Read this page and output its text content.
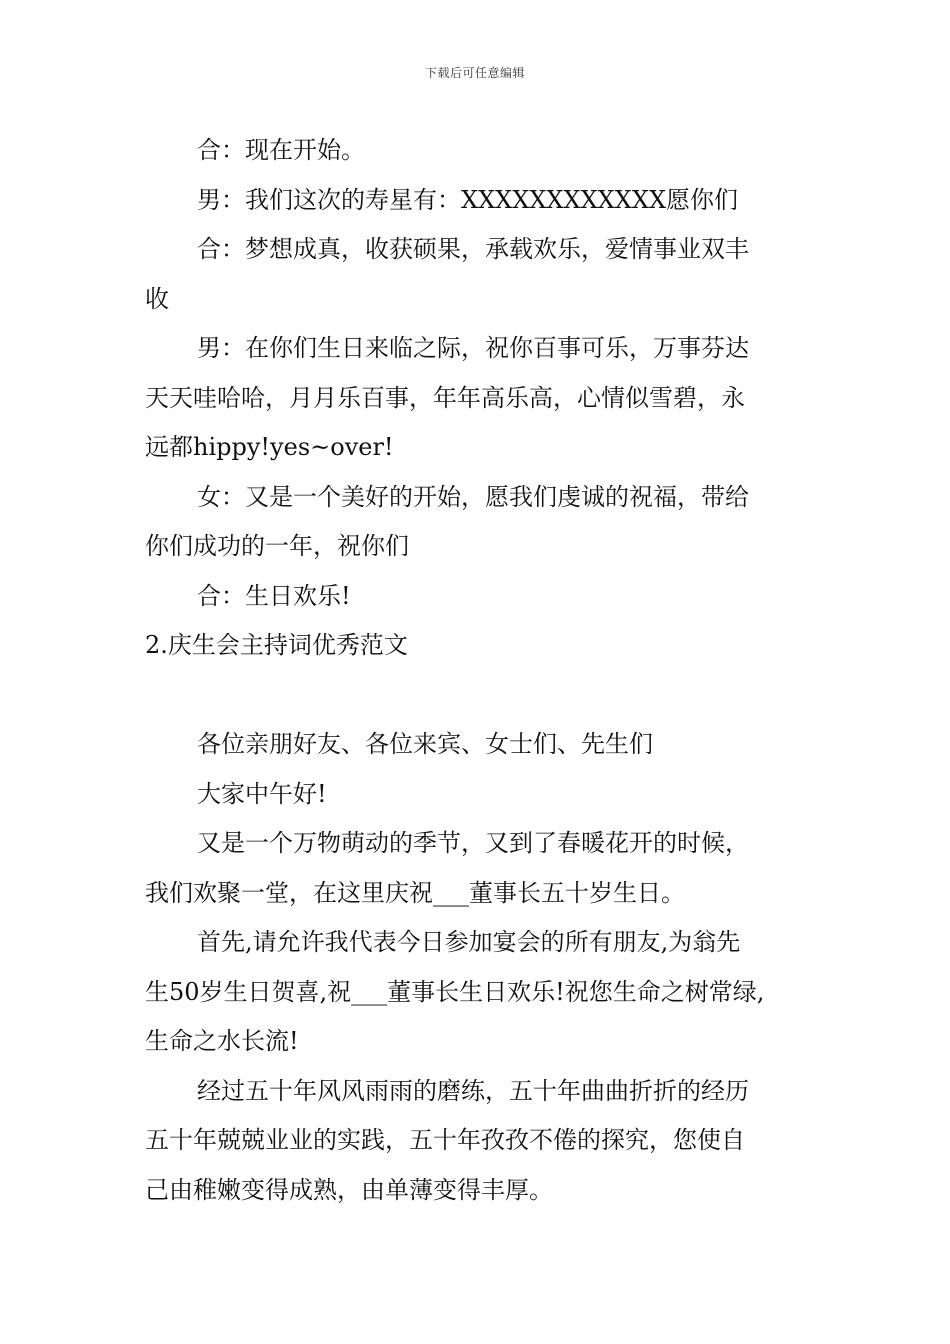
下载后可任意编辑
合：现在开始。
男：我们这次的寿星有：XXXXXXXXXXXX愿你们
合：梦想成真，收获硕果，承载欢乐，爱情事业双丰
收
男：在你们生日来临之际，祝你百事可乐，万事芬达
天天哇哈哈，月月乐百事，年年高乐高，心情似雪碧，永
远都hippy!yes~over!
女：又是一个美好的开始，愿我们虔诚的祝福，带给
你们成功的一年，祝你们
合：生日欢乐!
2.庆生会主持词优秀范文
各位亲朋好友、各位来宾、女士们、先生们
大家中午好!
又是一个万物萌动的季节，又到了春暖花开的时候，
我们欢聚一堂，在这里庆祝___董事长五十岁生日。
首先,请允许我代表今日参加宴会的所有朋友,为翁先
生50岁生日贺喜,祝___董事长生日欢乐!祝您生命之树常绿,
生命之水长流!
经过五十年风风雨雨的磨练，五十年曲曲折折的经历
五十年兢兢业业的实践，五十年孜孜不倦的探究，您使自
己由稚嫩变得成熟，由单薄变得丰厚。
